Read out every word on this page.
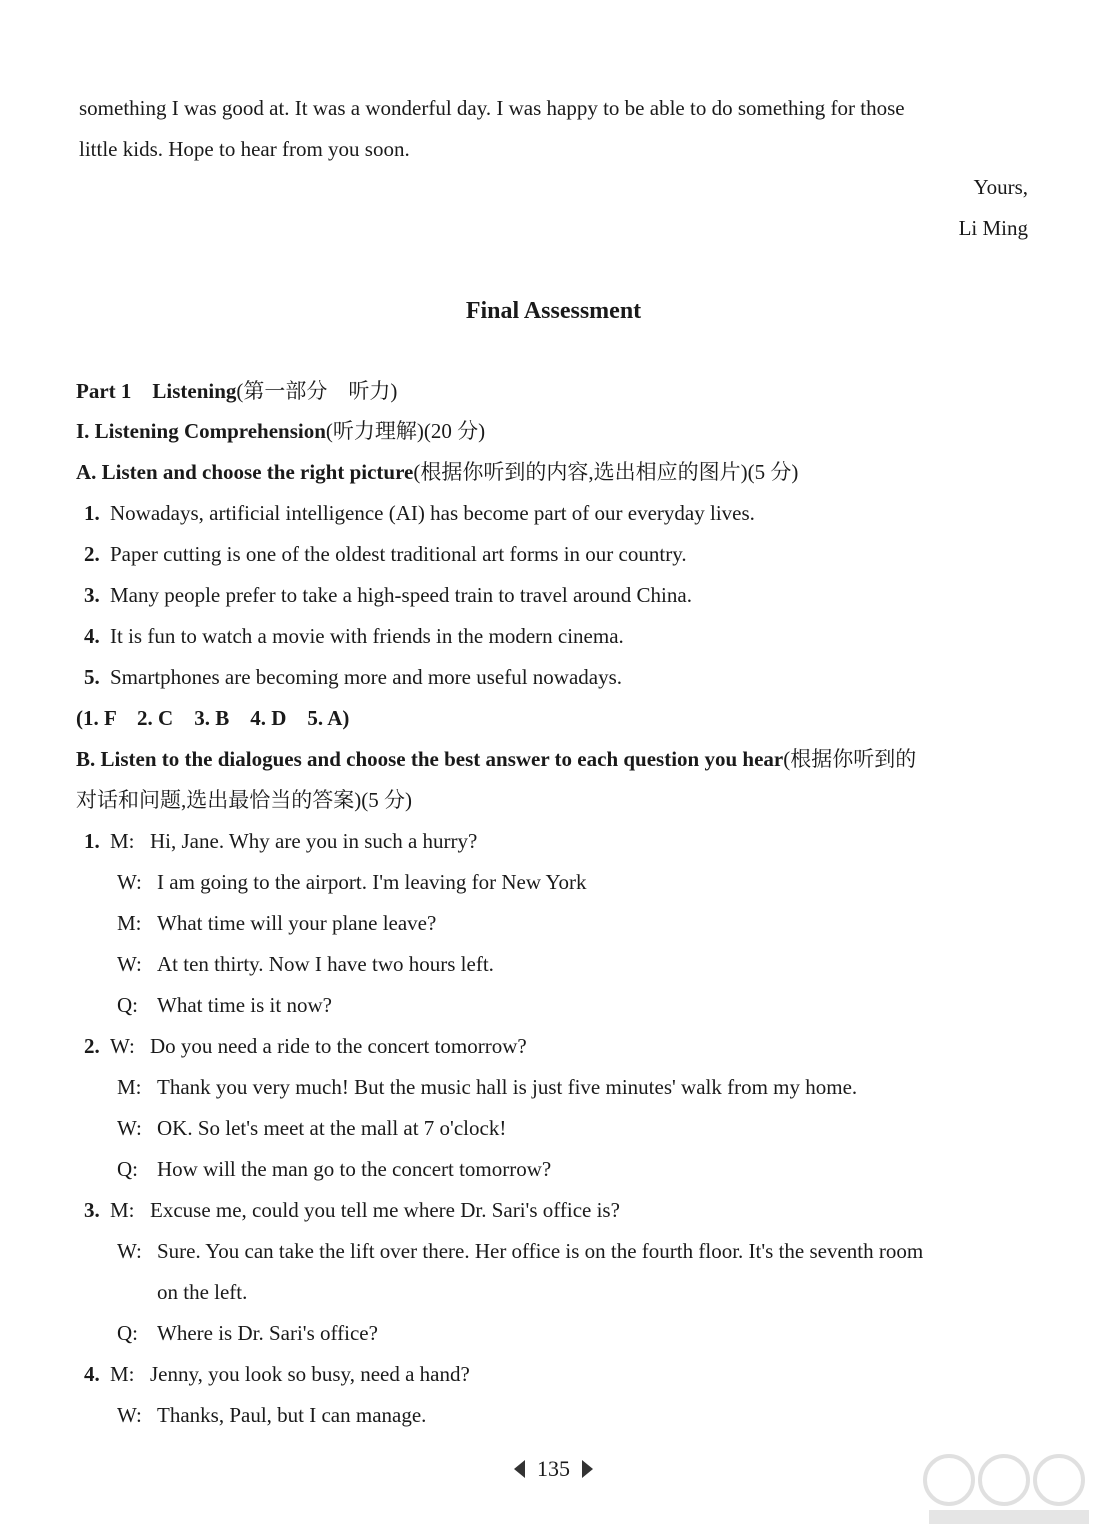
something I was good at. It was a wonderful day. I was happy to be able to do something for those
little kids. Hope to hear from you soon.
Yours,
Li Ming
Final Assessment
Part 1    Listening(第一部分    听力)
I. Listening Comprehension(听力理解)(20 分)
A. Listen and choose the right picture(根据你听到的内容,选出相应的图片)(5 分)
1. Nowadays, artificial intelligence (AI) has become part of our everyday lives.
2. Paper cutting is one of the oldest traditional art forms in our country.
3. Many people prefer to take a high-speed train to travel around China.
4. It is fun to watch a movie with friends in the modern cinema.
5. Smartphones are becoming more and more useful nowadays.
(1. F    2. C    3. B    4. D    5. A)
B. Listen to the dialogues and choose the best answer to each question you hear(根据你听到的
对话和问题,选出最恰当的答案)(5 分)
1. M: Hi, Jane. Why are you in such a hurry?
W: I am going to the airport. I'm leaving for New York
M: What time will your plane leave?
W: At ten thirty. Now I have two hours left.
Q: What time is it now?
2. W: Do you need a ride to the concert tomorrow?
M: Thank you very much! But the music hall is just five minutes' walk from my home.
W: OK. So let's meet at the mall at 7 o'clock!
Q: How will the man go to the concert tomorrow?
3. M: Excuse me, could you tell me where Dr. Sari's office is?
W: Sure. You can take the lift over there. Her office is on the fourth floor. It's the seventh room
on the left.
Q: Where is Dr. Sari's office?
4. M: Jenny, you look so busy, need a hand?
W: Thanks, Paul, but I can manage.
135
